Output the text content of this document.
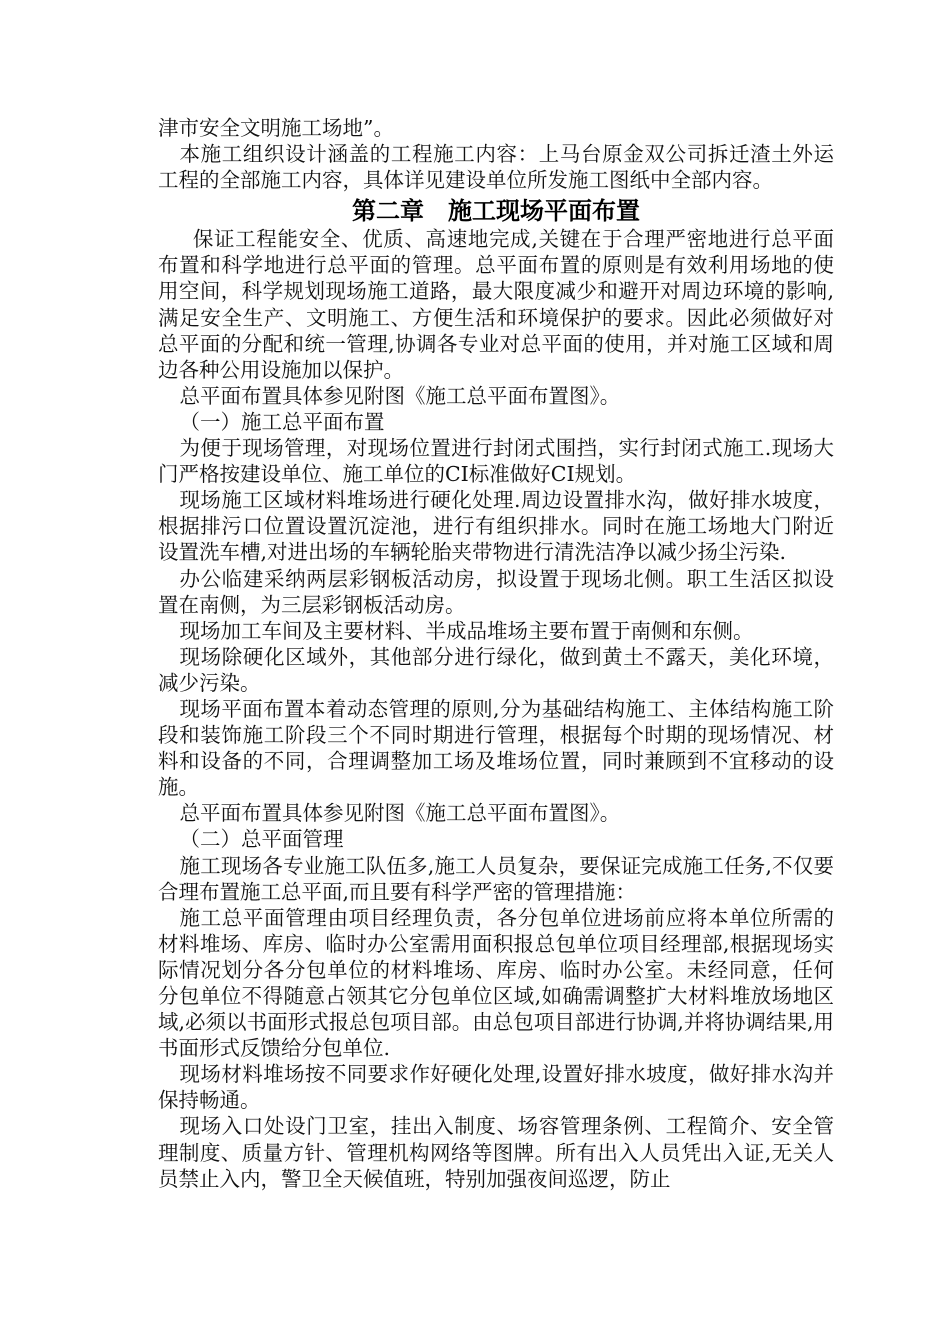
津市安全文明施工场地”。

本施工组织设计涵盖的工程施工内容：上马台原金双公司拆迁渣土外运工程的全部施工内容，具体详见建设单位所发施工图纸中全部内容。

第二章　施工现场平面布置

保证工程能安全、优质、高速地完成,关键在于合理严密地进行总平面布置和科学地进行总平面的管理。总平面布置的原则是有效利用场地的使用空间，科学规划现场施工道路，最大限度减少和避开对周边环境的影响,满足安全生产、文明施工、方便生活和环境保护的要求。因此必须做好对总平面的分配和统一管理,协调各专业对总平面的使用，并对施工区域和周边各种公用设施加以保护。

总平面布置具体参见附图《施工总平面布置图》。

（一）施工总平面布置

为便于现场管理，对现场位置进行封闭式围挡，实行封闭式施工.现场大门严格按建设单位、施工单位的CI标准做好CI规划。

现场施工区域材料堆场进行硬化处理.周边设置排水沟，做好排水坡度，根据排污口位置设置沉淀池，进行有组织排水。同时在施工场地大门附近设置洗车槽,对进出场的车辆轮胎夹带物进行清洗洁净以减少扬尘污染.

办公临建采纳两层彩钢板活动房，拟设置于现场北侧。职工生活区拟设置在南侧，为三层彩钢板活动房。

现场加工车间及主要材料、半成品堆场主要布置于南侧和东侧。

现场除硬化区域外，其他部分进行绿化，做到黄土不露天，美化环境，减少污染。

现场平面布置本着动态管理的原则,分为基础结构施工、主体结构施工阶段和装饰施工阶段三个不同时期进行管理，根据每个时期的现场情况、材料和设备的不同，合理调整加工场及堆场位置，同时兼顾到不宜移动的设施。

总平面布置具体参见附图《施工总平面布置图》。

（二）总平面管理

施工现场各专业施工队伍多,施工人员复杂，要保证完成施工任务,不仅要合理布置施工总平面,而且要有科学严密的管理措施：

施工总平面管理由项目经理负责，各分包单位进场前应将本单位所需的材料堆场、库房、临时办公室需用面积报总包单位项目经理部,根据现场实际情况划分各分包单位的材料堆场、库房、临时办公室。未经同意，任何分包单位不得随意占领其它分包单位区域,如确需调整扩大材料堆放场地区域,必须以书面形式报总包项目部。由总包项目部进行协调,并将协调结果,用书面形式反馈给分包单位.

现场材料堆场按不同要求作好硬化处理,设置好排水坡度，做好排水沟并保持畅通。

现场入口处设门卫室，挂出入制度、场容管理条例、工程简介、安全管理制度、质量方针、管理机构网络等图牌。所有出入人员凭出入证,无关人员禁止入内，警卫全天候值班，特别加强夜间巡逻，防止
